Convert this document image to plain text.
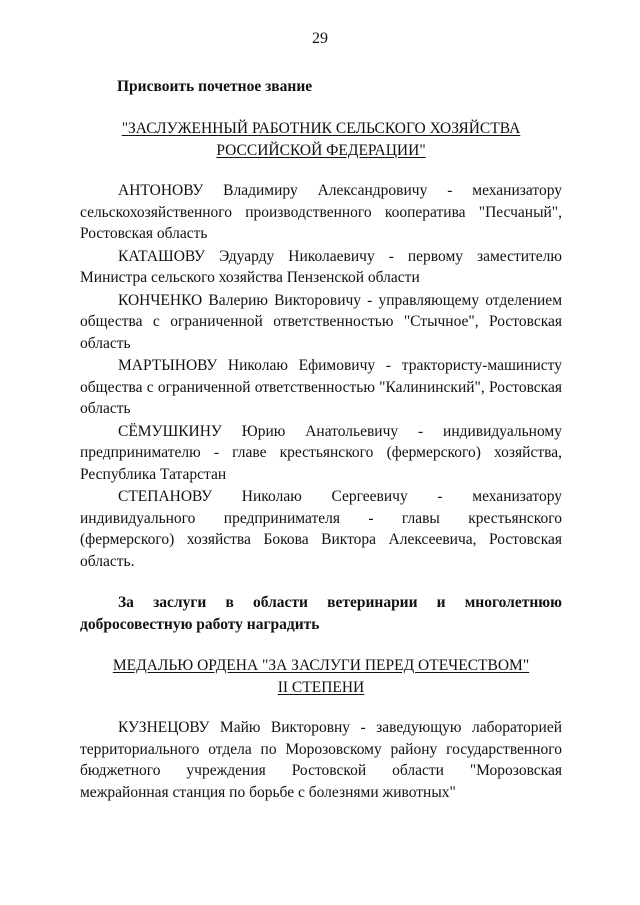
29
Присвоить почетное звание
"ЗАСЛУЖЕННЫЙ РАБОТНИК СЕЛЬСКОГО ХОЗЯЙСТВА
РОССИЙСКОЙ ФЕДЕРАЦИИ"

АНТОНОВУ Владимиру Александровичу - механизатору сельскохозяйственного производственного кооператива "Песчаный", Ростовская область

КАТАШОВУ Эдуарду Николаевичу - первому заместителю Министра сельского хозяйства Пензенской области

КОНЧЕНКО Валерию Викторовичу - управляющему отделением общества с ограниченной ответственностью "Стычное", Ростовская область

МАРТЫНОВУ Николаю Ефимовичу - трактористу-машинисту общества с ограниченной ответственностью "Калининский", Ростовская область

СЁМУШКИНУ Юрию Анатольевичу - индивидуальному предпринимателю - главе крестьянского (фермерского) хозяйства, Республика Татарстан

СТЕПАНОВУ Николаю Сергеевичу - механизатору индивидуального предпринимателя - главы крестьянского (фермерского) хозяйства Бокова Виктора Алексеевича, Ростовская область.

За заслуги в области ветеринарии и многолетнюю добросовестную работу наградить
МЕДАЛЬЮ ОРДЕНА "ЗА ЗАСЛУГИ ПЕРЕД ОТЕЧЕСТВОМ"
II СТЕПЕНИ

КУЗНЕЦОВУ Майю Викторовну - заведующую лабораторией территориального отдела по Морозовскому району государственного бюджетного учреждения Ростовской области "Морозовская межрайонная станция по борьбе с болезнями животных"
